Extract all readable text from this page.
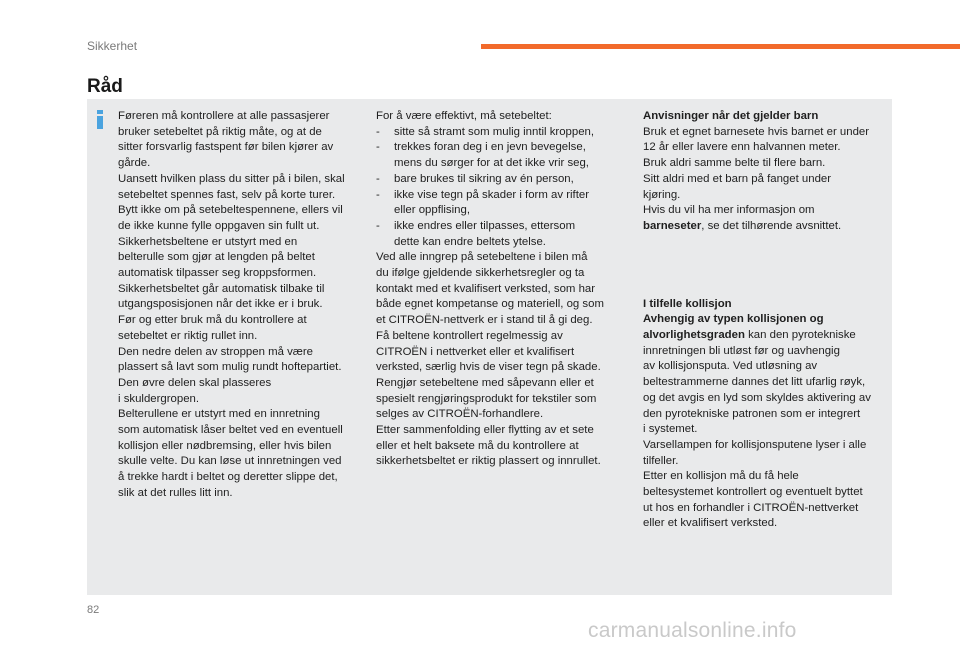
Sikkerhet
Råd

Føreren må kontrollere at alle passasjerer

bruker setebeltet på riktig måte, og at de

sitter forsvarlig fastspent før bilen kjører av

gårde.

Uansett hvilken plass du sitter på i bilen, skal

setebeltet spennes fast, selv på korte turer.

Bytt ikke om på setebeltespennene, ellers vil

de ikke kunne fylle oppgaven sin fullt ut.

Sikkerhetsbeltene er utstyrt med en

belterulle som gjør at lengden på beltet

automatisk tilpasser seg kroppsformen.

Sikkerhetsbeltet går automatisk tilbake til

utgangsposisjonen når det ikke er i bruk.

Før og etter bruk må du kontrollere at

setebeltet er riktig rullet inn.

Den nedre delen av stroppen må være

plassert så lavt som mulig rundt hoftepartiet.

Den øvre delen skal plasseres

i skuldergropen.

Belterullene er utstyrt med en innretning

som automatisk låser beltet ved en eventuell

kollisjon eller nødbremsing, eller hvis bilen

skulle velte. Du kan løse ut innretningen ved

å trekke hardt i beltet og deretter slippe det,

slik at det rulles litt inn.

For å være effektivt, må setebeltet:

-	sitte så stramt som mulig inntil kroppen,
-	trekkes foran deg i en jevn bevegelse,
mens du sørger for at det ikke vrir seg,
-	bare brukes til sikring av én person,
-	ikke vise tegn på skader i form av rifter
eller oppflising,
-	ikke endres eller tilpasses, ettersom
dette kan endre beltets ytelse.

Ved alle inngrep på setebeltene i bilen må

du ifølge gjeldende sikkerhetsregler og ta

kontakt med et kvalifisert verksted, som har

både egnet kompetanse og materiell, og som

et CITROËN-nettverk er i stand til å gi deg.

Få beltene kontrollert regelmessig av

CITROËN i nettverket eller et kvalifisert

verksted, særlig hvis de viser tegn på skade.

Rengjør setebeltene med såpevann eller et

spesielt rengjøringsprodukt for tekstiler som

selges av CITROËN-forhandlere.

Etter sammenfolding eller flytting av et sete

eller et helt baksete må du kontrollere at

sikkerhetsbeltet er riktig plassert og innrullet.

Anvisninger når det gjelder barn

Bruk et egnet barnesete hvis barnet er under

12 år eller lavere enn halvannen meter.

Bruk aldri samme belte til flere barn.

Sitt aldri med et barn på fanget under

kjøring.

Hvis du vil ha mer informasjon om

barneseter, se det tilhørende avsnittet.

I tilfelle kollisjon

Avhengig av typen kollisjonen og

alvorlighetsgraden kan den pyrotekniske

innretningen bli utløst før og uavhengig

av kollisjonsputa. Ved utløsning av

beltestrammerne dannes det litt ufarlig røyk,

og det avgis en lyd som skyldes aktivering av

den pyrotekniske patronen som er integrert

i systemet.

Varsellampen for kollisjonsputene lyser i alle

tilfeller.

Etter en kollisjon må du få hele

beltesystemet kontrollert og eventuelt byttet

ut hos en forhandler i CITROËN-nettverket

eller et kvalifisert verksted.

82
carmanualsonline.info
